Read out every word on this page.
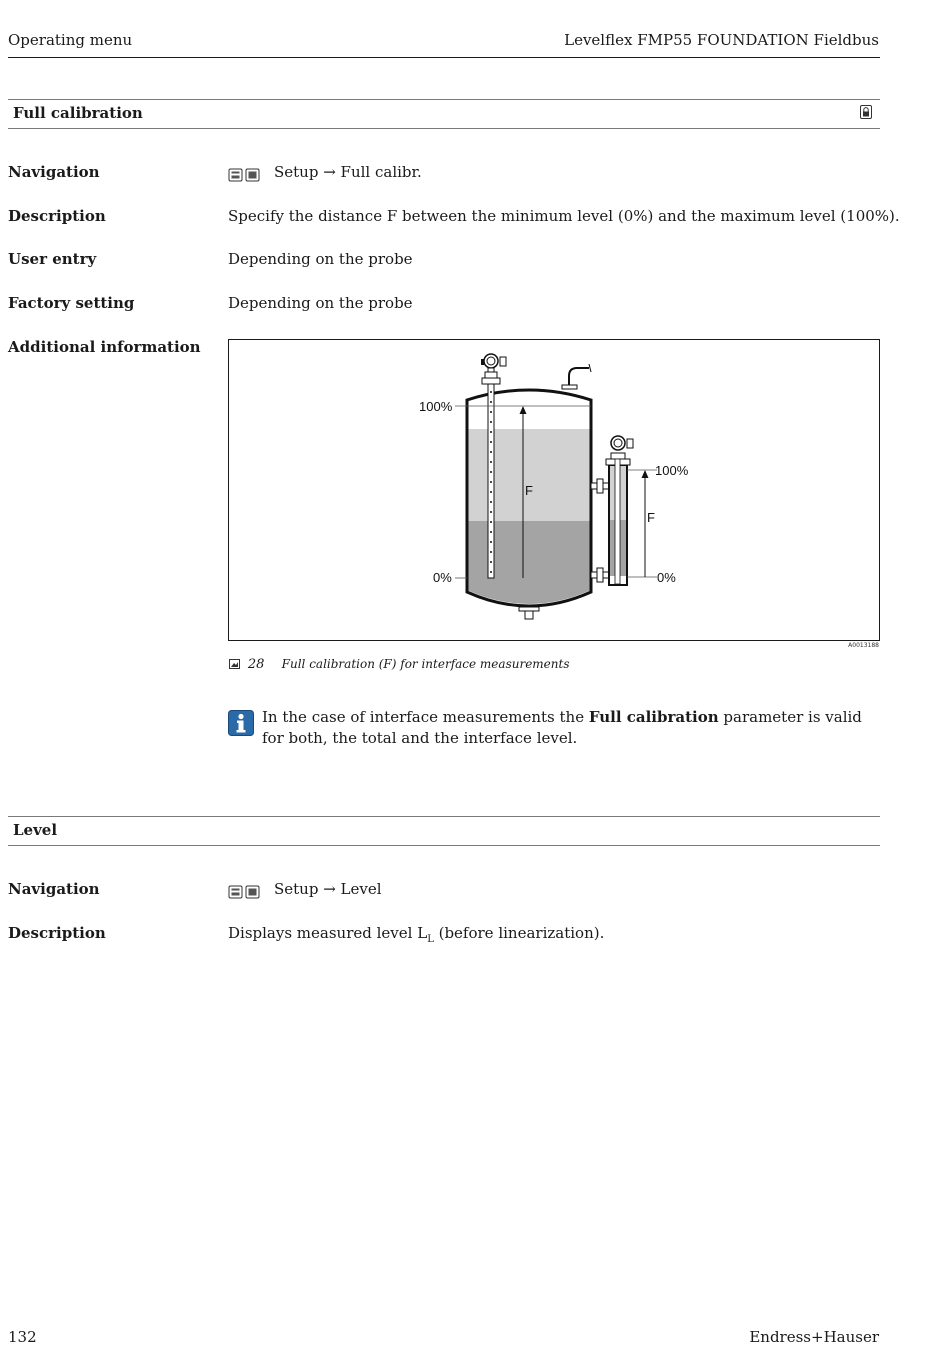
Operating menu	Levelflex FMP55 FOUNDATION Fieldbus
Full calibration
Navigation	Setup → Full calibr.
Description	Specify the distance F between the minimum level (0%) and the maximum level (100%).
User entry	Depending on the probe
Factory setting	Depending on the probe
Additional information
100%
0%
F
100%
0%
F
A0013188
28 Full calibration (F) for interface measurements
In the case of interface measurements the Full calibration parameter is valid for both, the total and the interface level.
Level
Navigation	Setup → Level
Description	Displays measured level $L_L$ (before linearization).
132	Endress+Hauser
